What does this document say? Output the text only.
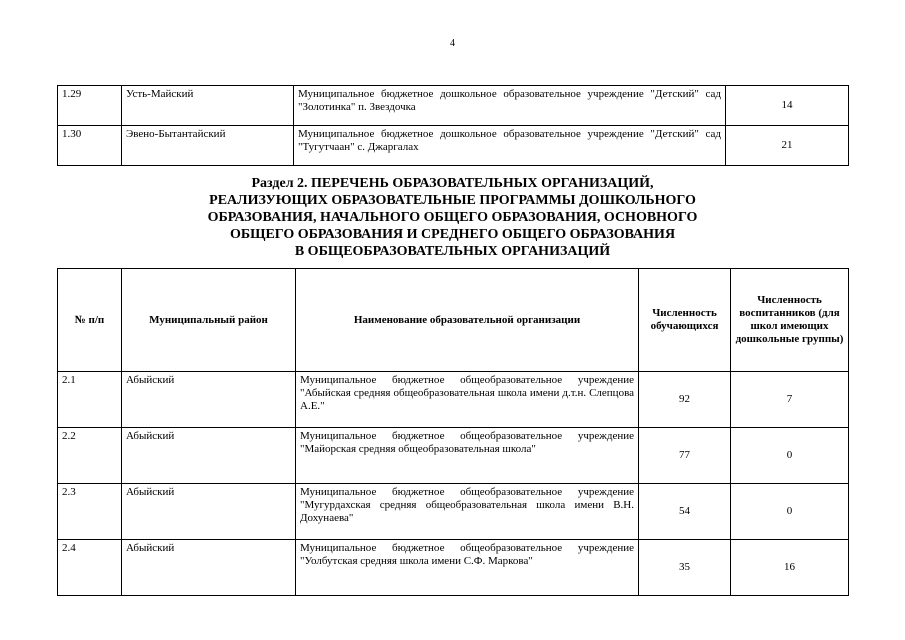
4
1.29	Усть-Майский	Муниципальное бюджетное дошкольное образовательное учреждение "Детский" сад "Золотинка" п. Звездочка	14
1.30	Эвено-Бытантайский	Муниципальное бюджетное дошкольное образовательное учреждение "Детский" сад "Тугутчаан" с. Джаргалах	21
Раздел 2. ПЕРЕЧЕНЬ ОБРАЗОВАТЕЛЬНЫХ ОРГАНИЗАЦИЙ,
РЕАЛИЗУЮЩИХ ОБРАЗОВАТЕЛЬНЫЕ ПРОГРАММЫ ДОШКОЛЬНОГО
ОБРАЗОВАНИЯ, НАЧАЛЬНОГО ОБЩЕГО ОБРАЗОВАНИЯ, ОСНОВНОГО
ОБЩЕГО ОБРАЗОВАНИЯ И СРЕДНЕГО ОБЩЕГО ОБРАЗОВАНИЯ
В ОБЩЕОБРАЗОВАТЕЛЬНЫХ ОРГАНИЗАЦИЙ
№ п/п	Муниципальный район	Наименование образовательной организации	Численность обучающихся	Численность воспитанников (для школ имеющих дошкольные группы)
2.1	Абыйский	Муниципальное бюджетное общеобразовательное учреждение "Абыйская средняя общеобразовательная школа имени д.т.н. Слепцова А.Е."	92	7
2.2	Абыйский	Муниципальное бюджетное общеобразовательное учреждение "Майорская средняя общеобразовательная школа"	77	0
2.3	Абыйский	Муниципальное бюджетное общеобразовательное учреждение "Мугурдахская средняя общеобразовательная школа имени В.Н. Дохунаева"	54	0
2.4	Абыйский	Муниципальное бюджетное общеобразовательное учреждение "Уолбутская средняя школа имени С.Ф. Маркова"	35	16
